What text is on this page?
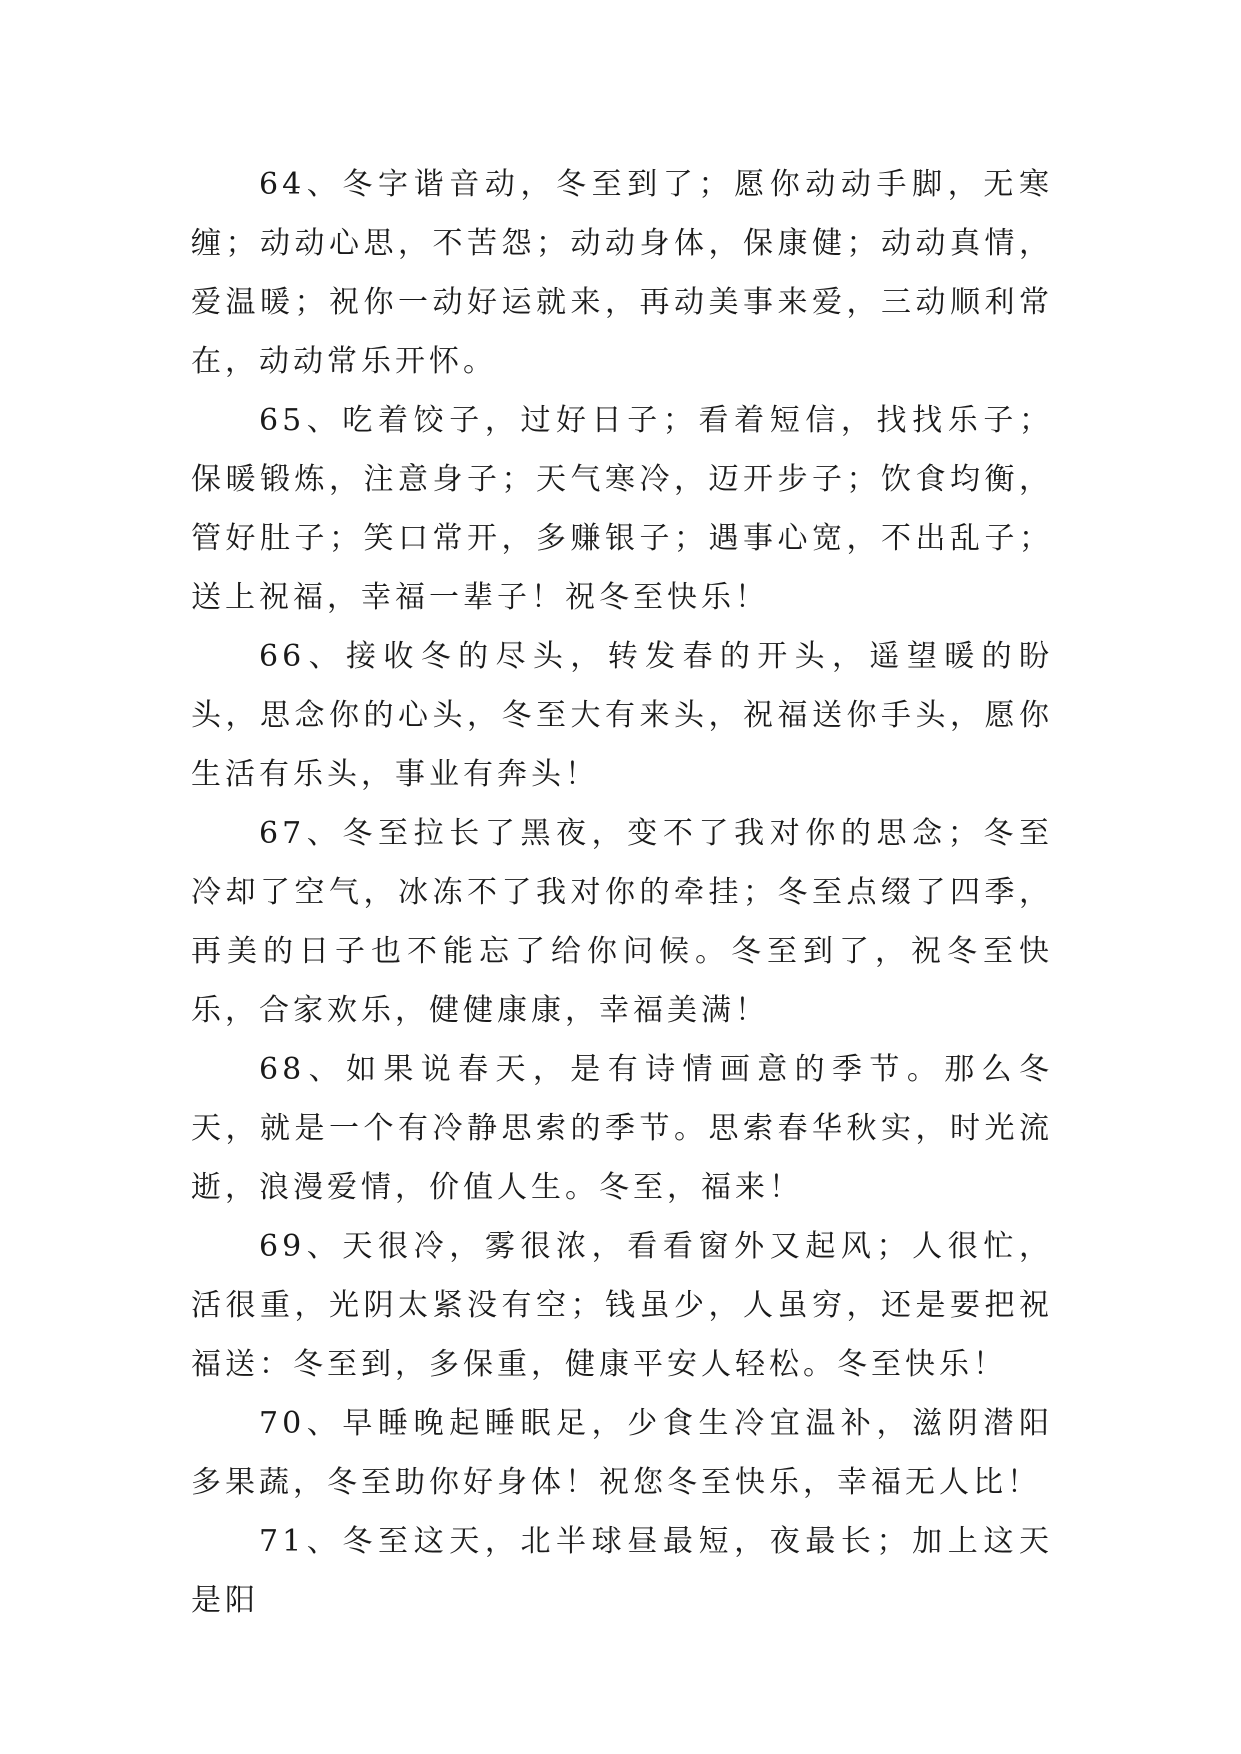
64、冬字谐音动，冬至到了；愿你动动手脚，无寒缠；动动心思，不苦怨；动动身体，保康健；动动真情，爱温暖；祝你一动好运就来，再动美事来爱，三动顺利常在，动动常乐开怀。

65、吃着饺子，过好日子；看着短信，找找乐子；保暖锻炼，注意身子；天气寒冷，迈开步子；饮食均衡，管好肚子；笑口常开，多赚银子；遇事心宽，不出乱子；送上祝福，幸福一辈子！祝冬至快乐！

66、接收冬的尽头，转发春的开头，遥望暖的盼头，思念你的心头，冬至大有来头，祝福送你手头，愿你生活有乐头，事业有奔头！

67、冬至拉长了黑夜，变不了我对你的思念；冬至冷却了空气，冰冻不了我对你的牵挂；冬至点缀了四季，再美的日子也不能忘了给你问候。冬至到了，祝冬至快乐，合家欢乐，健健康康，幸福美满！

68、如果说春天，是有诗情画意的季节。那么冬天，就是一个有冷静思索的季节。思索春华秋实，时光流逝，浪漫爱情，价值人生。冬至，福来！

69、天很冷，雾很浓，看看窗外又起风；人很忙，活很重，光阴太紧没有空；钱虽少，人虽穷，还是要把祝福送：冬至到，多保重，健康平安人轻松。冬至快乐！

70、早睡晚起睡眠足，少食生冷宜温补，滋阴潜阳多果蔬，冬至助你好身体！祝您冬至快乐，幸福无人比！

71、冬至这天，北半球昼最短，夜最长；加上这天是阳
